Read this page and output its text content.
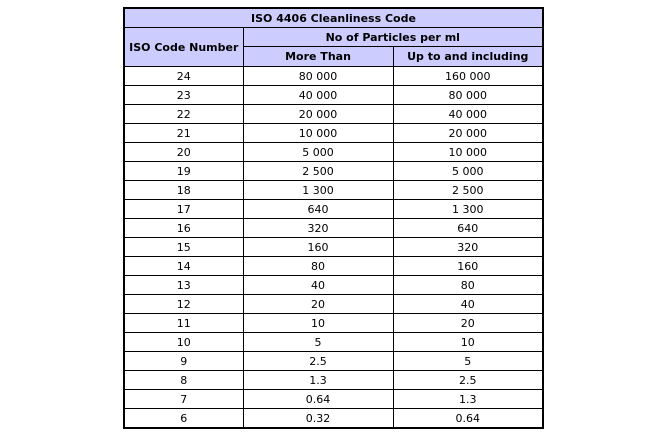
ISO 4406 Cleanliness Code		
ISO Code Number	No of Particles per ml	
	More Than	Up to and including
24	80 000	160 000
23	40 000	80 000
22	20 000	40 000
21	10 000	20 000
20	5 000	10 000
19	2 500	5 000
18	1 300	2 500
17	640	1 300
16	320	640
15	160	320
14	80	160
13	40	80
12	20	40
11	10	20
10	5	10
9	2.5	5
8	1.3	2.5
7	0.64	1.3
6	0.32	0.64
